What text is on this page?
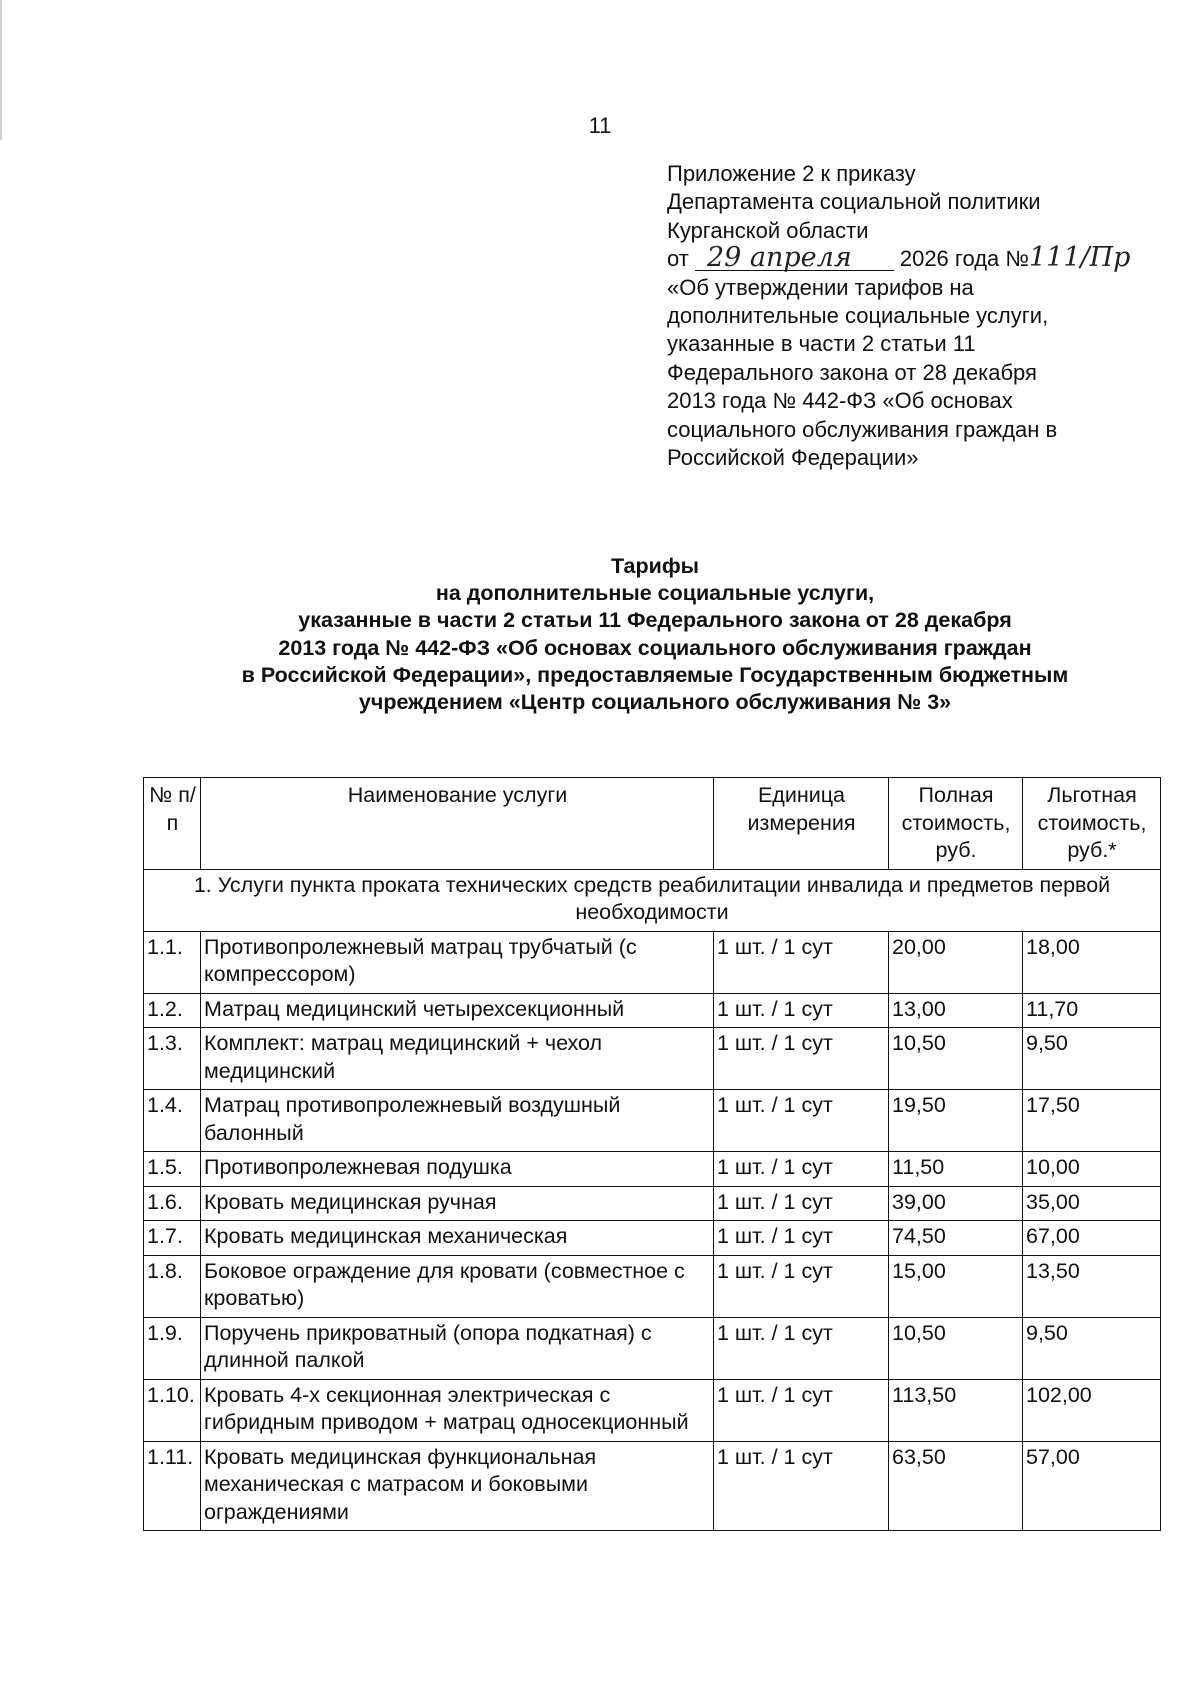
11
Приложение 2 к приказу
Департамента социальной политики
Курганской области
от 29 апреля 2026 года №111/Пр
«Об утверждении тарифов на
дополнительные социальные услуги,
указанные в части 2 статьи 11
Федерального закона от 28 декабря
2013 года № 442-ФЗ «Об основах
социального обслуживания граждан в
Российской Федерации»
Тарифы
на дополнительные социальные услуги,
указанные в части 2 статьи 11 Федерального закона от 28 декабря
2013 года № 442-ФЗ «Об основах социального обслуживания граждан
в Российской Федерации», предоставляемые Государственным бюджетным
учреждением «Центр социального обслуживания № 3»
№ п/п	Наименование услуги	Единица измерения	Полная стоимость, руб.	Льготная стоимость, руб.*
1. Услуги пункта проката технических средств реабилитации инвалида и предметов первой необходимости				
1.1.	Противопролежневый матрац трубчатый (с компрессором)	1 шт. / 1 сут	20,00	18,00
1.2.	Матрац медицинский четырехсекционный	1 шт. / 1 сут	13,00	11,70
1.3.	Комплект: матрац медицинский + чехол медицинский	1 шт. / 1 сут	10,50	9,50
1.4.	Матрац противопролежневый воздушный балонный	1 шт. / 1 сут	19,50	17,50
1.5.	Противопролежневая подушка	1 шт. / 1 сут	11,50	10,00
1.6.	Кровать медицинская ручная	1 шт. / 1 сут	39,00	35,00
1.7.	Кровать медицинская механическая	1 шт. / 1 сут	74,50	67,00
1.8.	Боковое ограждение для кровати (совместное с кроватью)	1 шт. / 1 сут	15,00	13,50
1.9.	Поручень прикроватный (опора подкатная) с длинной палкой	1 шт. / 1 сут	10,50	9,50
1.10.	Кровать 4-х секционная электрическая с гибридным приводом + матрац односекционный	1 шт. / 1 сут	113,50	102,00
1.11.	Кровать медицинская функциональная механическая с матрасом и боковыми ограждениями	1 шт. / 1 сут	63,50	57,00
